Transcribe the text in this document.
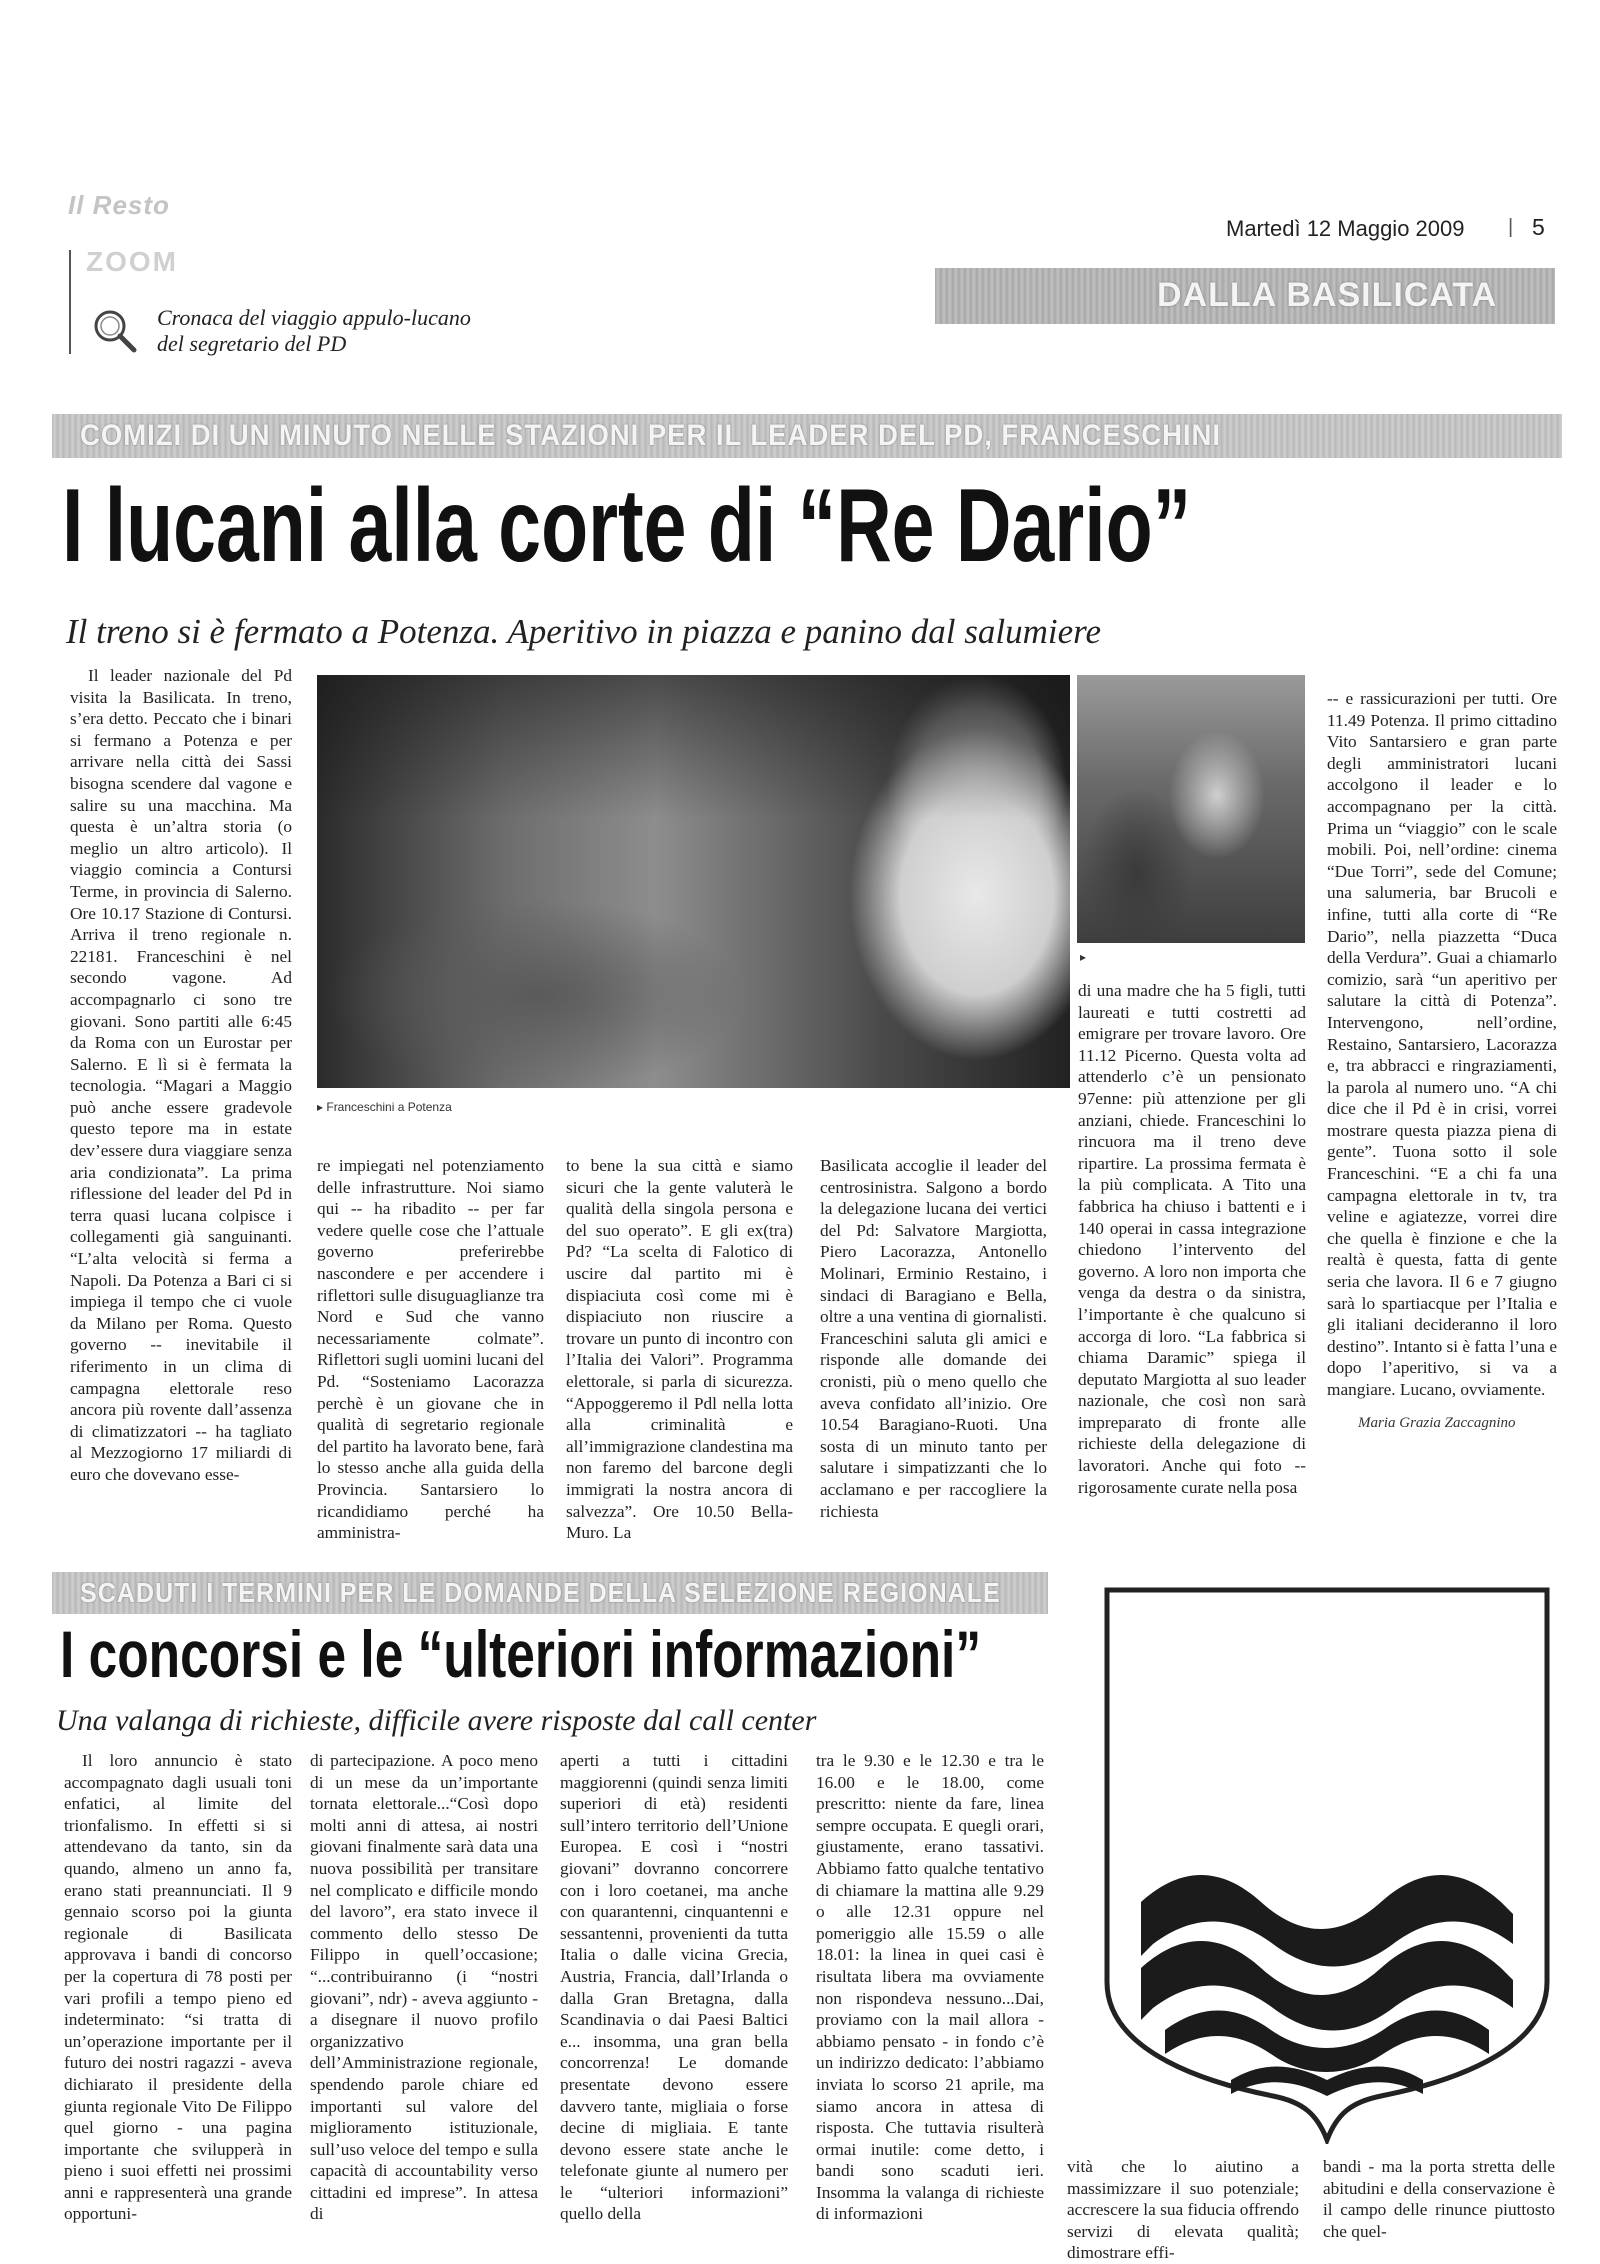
Il Resto
Martedì 12 Maggio 2009 | 5
ZOOM
Cronaca del viaggio appulo-lucano
del segretario del PD
DALLA BASILICATA
COMIZI DI UN MINUTO NELLE STAZIONI PER IL LEADER DEL PD, FRANCESCHINI
I lucani alla corte di “Re Dario”
Il treno si è fermato a Potenza. Aperitivo in piazza e panino dal salumiere

Il leader nazionale del Pd visita la Basilicata. In treno, s’era detto. Peccato che i binari si fermano a Potenza e per arrivare nella città dei Sassi bisogna scendere dal vagone e salire su una macchina. Ma questa è un’altra storia (o meglio un altro articolo). Il viaggio comincia a Contursi Terme, in provincia di Salerno. Ore 10.17 Stazione di Contursi. Arriva il treno regionale n. 22181. Franceschini è nel secondo vagone. Ad accompagnarlo ci sono tre giovani. Sono partiti alle 6:45 da Roma con un Eurostar per Salerno. E lì si è fermata la tecnologia. “Magari a Maggio può anche essere gradevole questo tepore ma in estate dev’essere dura viaggiare senza aria condizionata”. La prima riflessione del leader del Pd in terra quasi lucana colpisce i collegamenti già sanguinanti. “L’alta velocità si ferma a Napoli. Da Potenza a Bari ci si impiega il tempo che ci vuole da Milano per Roma. Questo governo -- inevitabile il riferimento in un clima di campagna elettorale reso ancora più rovente dall’assenza di climatizzatori -- ha tagliato al Mezzogiorno 17 miliardi di euro che dovevano esse-

▸ Franceschini a Potenza
▸

re impiegati nel potenziamento delle infrastrutture. Noi siamo qui -- ha ribadito -- per far vedere quelle cose che l’attuale governo preferirebbe nascondere e per accendere i riflettori sulle disuguaglianze tra Nord e Sud che vanno necessariamente colmate”. Riflettori sugli uomini lucani del Pd. “Sosteniamo Lacorazza perchè è un giovane che in qualità di segretario regionale del partito ha lavorato bene, farà lo stesso anche alla guida della Provincia. Santarsiero lo ricandidiamo perché ha amministra-

to bene la sua città e siamo sicuri che la gente valuterà le qualità della singola persona e del suo operato”. E gli ex(tra) Pd? “La scelta di Falotico di uscire dal partito mi è dispiaciuta così come mi è dispiaciuto non riuscire a trovare un punto di incontro con l’Italia dei Valori”. Programma elettorale, si parla di sicurezza. “Appoggeremo il Pdl nella lotta alla criminalità e all’immigrazione clandestina ma non faremo del barcone degli immigrati la nostra ancora di salvezza”. Ore 10.50 Bella-Muro. La

Basilicata accoglie il leader del centrosinistra. Salgono a bordo la delegazione lucana dei vertici del Pd: Salvatore Margiotta, Piero Lacorazza, Antonello Molinari, Erminio Restaino, i sindaci di Baragiano e Bella, oltre a una ventina di giornalisti. Franceschini saluta gli amici e risponde alle domande dei cronisti, più o meno quello che aveva confidato all’inizio. Ore 10.54 Baragiano-Ruoti. Una sosta di un minuto tanto per salutare i simpatizzanti che lo acclamano e per raccogliere la richiesta

di una madre che ha 5 figli, tutti laureati e tutti costretti ad emigrare per trovare lavoro. Ore 11.12 Picerno. Questa volta ad attenderlo c’è un pensionato 97enne: più attenzione per gli anziani, chiede. Franceschini lo rincuora ma il treno deve ripartire. La prossima fermata è la più complicata. A Tito una fabbrica ha chiuso i battenti e i 140 operai in cassa integrazione chiedono l’intervento del governo. A loro non importa che venga da destra o da sinistra, l’importante è che qualcuno si accorga di loro. “La fabbrica si chiama Daramic” spiega il deputato Margiotta al suo leader nazionale, che così non sarà impreparato di fronte alle richieste della delegazione di lavoratori. Anche qui foto -- rigorosamente curate nella posa

-- e rassicurazioni per tutti. Ore 11.49 Potenza. Il primo cittadino Vito Santarsiero e gran parte degli amministratori lucani accolgono il leader e lo accompagnano per la città. Prima un “viaggio” con le scale mobili. Poi, nell’ordine: cinema “Due Torri”, sede del Comune; una salumeria, bar Brucoli e infine, tutti alla corte di “Re Dario”, nella piazzetta “Duca della Verdura”. Guai a chiamarlo comizio, sarà “un aperitivo per salutare la città di Potenza”. Intervengono, nell’ordine, Restaino, Santarsiero, Lacorazza e, tra abbracci e ringraziamenti, la parola al numero uno. “A chi dice che il Pd è in crisi, vorrei mostrare questa piazza piena di gente”. Tuona sotto il sole Franceschini. “E a chi fa una campagna elettorale in tv, tra veline e agiatezze, vorrei dire che quella è finzione e che la realtà è questa, fatta di gente seria che lavora. Il 6 e 7 giugno sarà lo spartiacque per l’Italia e gli italiani decideranno il loro destino”. Intanto si è fatta l’una e dopo l’aperitivo, si va a mangiare. Lucano, ovviamente.

Maria Grazia Zaccagnino
SCADUTI I TERMINI PER LE DOMANDE DELLA SELEZIONE REGIONALE
I concorsi e le “ulteriori informazioni”
Una valanga di richieste, difficile avere risposte dal call center

Il loro annuncio è stato accompagnato dagli usuali toni enfatici, al limite del trionfalismo. In effetti si si attendevano da tanto, sin da quando, almeno un anno fa, erano stati preannunciati. Il 9 gennaio scorso poi la giunta regionale di Basilicata approvava i bandi di concorso per la copertura di 78 posti per vari profili a tempo pieno ed indeterminato: “si tratta di un’operazione importante per il futuro dei nostri ragazzi - aveva dichiarato il presidente della giunta regionale Vito De Filippo quel giorno - una pagina importante che svilupperà in pieno i suoi effetti nei prossimi anni e rappresenterà una grande opportuni-

di partecipazione. A poco meno di un mese da un’importante tornata elettorale...“Così dopo molti anni di attesa, ai nostri giovani finalmente sarà data una nuova possibilità per transitare nel complicato e difficile mondo del lavoro”, era stato invece il commento dello stesso De Filippo in quell’occasione; “...contribuiranno (i “nostri giovani”, ndr) - aveva aggiunto - a disegnare il nuovo profilo organizzativo dell’Amministrazione regionale, spendendo parole chiare ed importanti sul valore del miglioramento istituzionale, sull’uso veloce del tempo e sulla capacità di accountability verso cittadini ed imprese”. In attesa di

aperti a tutti i cittadini maggiorenni (quindi senza limiti superiori di età) residenti sull’intero territorio dell’Unione Europea. E così i “nostri giovani” dovranno concorrere con i loro coetanei, ma anche con quarantenni, cinquantenni e sessantenni, provenienti da tutta Italia o dalle vicina Grecia, Austria, Francia, dall’Irlanda o dalla Gran Bretagna, dalla Scandinavia o dai Paesi Baltici e... insomma, una gran bella concorrenza! Le domande presentate devono essere davvero tante, migliaia o forse decine di migliaia. E tante devono essere state anche le telefonate giunte al numero per le “ulteriori informazioni” quello della

tra le 9.30 e le 12.30 e tra le 16.00 e le 18.00, come prescritto: niente da fare, linea sempre occupata. E quegli orari, giustamente, erano tassativi. Abbiamo fatto qualche tentativo di chiamare la mattina alle 9.29 o alle 12.31 oppure nel pomeriggio alle 15.59 o alle 18.01: la linea in quei casi è risultata libera ma ovviamente non rispondeva nessuno...Dai, proviamo con la mail allora - abbiamo pensato - in fondo c’è un indirizzo dedicato: l’abbiamo inviata lo scorso 21 aprile, ma siamo ancora in attesa di risposta. Che tuttavia risulterà ormai inutile: come detto, i bandi sono scaduti ieri. Insomma la valanga di richieste di informazioni

vità che lo aiutino a massimizzare il suo potenziale; accrescere la sua fiducia offrendo servizi di elevata qualità; dimostrare effi-

bandi - ma la porta stretta delle abitudini e della conservazione è il campo delle rinunce piuttosto che quel-
